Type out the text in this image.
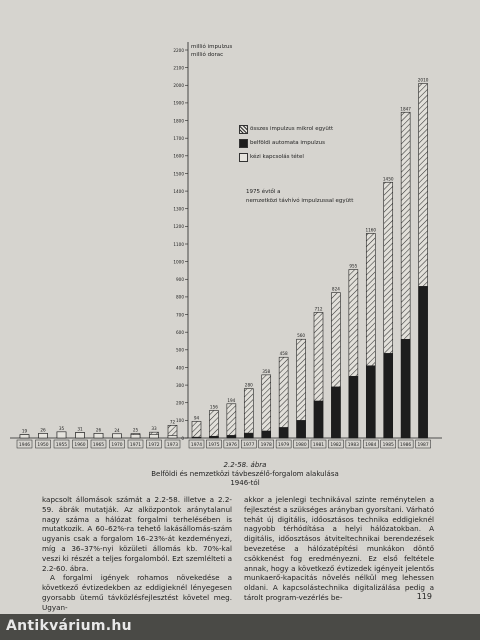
0
100
200
300
400
500
600
700
800
900
1000
1100
1200
1300
1400
1500
1600
1700
1800
1900
2000
2100
2200
millió impulzus
millió dorac
19
1946
26
1950
35
1955
31
1960
26
1965
24
1970
25
1971
33
1972
72
1973
94
1974
156
1975
194
1976
280
1977
358
1978
458
1979
560
1980
712
1981
824
1982
955
1983
1160
1984
1450
1985
1847
1986
2010
1987
összes impulzus mikrol együtt
belföldi automata impulzus
kézi kapcsolás tétel
1975 évtől a
nemzetközi távhívó impulzussal együtt
2.2-58. ábra
Belföldi és nemzetközi távbeszélő-forgalom alakulása
1946-tól

kapcsolt állomások számát a 2.2-58. illetve a 2.2-59. ábrák mutatják. Az alközpontok aránytalanul nagy száma a hálózat forgalmi terhelésében is mutatkozik. A 60–62%-ra tehető lakásállomás-szám ugyanis csak a forgalom 16–23%-át kezdeményezi, míg a 36–37%-nyi közületi állomás kb. 70%-kal veszi ki részét a teljes forgalomból. Ezt szemlélteti a 2.2-60. ábra.

A forgalmi igények rohamos növekedése a következő évtizedekben az eddigieknél lényegesen gyorsabb ütemű távközlésfejlesztést követel meg. Ugyan-

akkor a jelenlegi technikával szinte reménytelen a fejlesztést a szükséges arányban gyorsítani. Várható tehát új digitális, időosztásos technika eddigieknél nagyobb térhódítása a helyi hálózatokban. A digitális, időosztásos átviteltechnikai berendezések bevezetése a hálózatépítési munkákon döntő csökkenést fog eredményezni. Ez első feltétele annak, hogy a következő évtizedek igényeit jelentős munkaerő-kapacitás növelés nélkül meg lehessen oldani. A kapcsolástechnika digitalizálása pedig a tárolt program-vezérlés be-	119
Antikvárium.hu
